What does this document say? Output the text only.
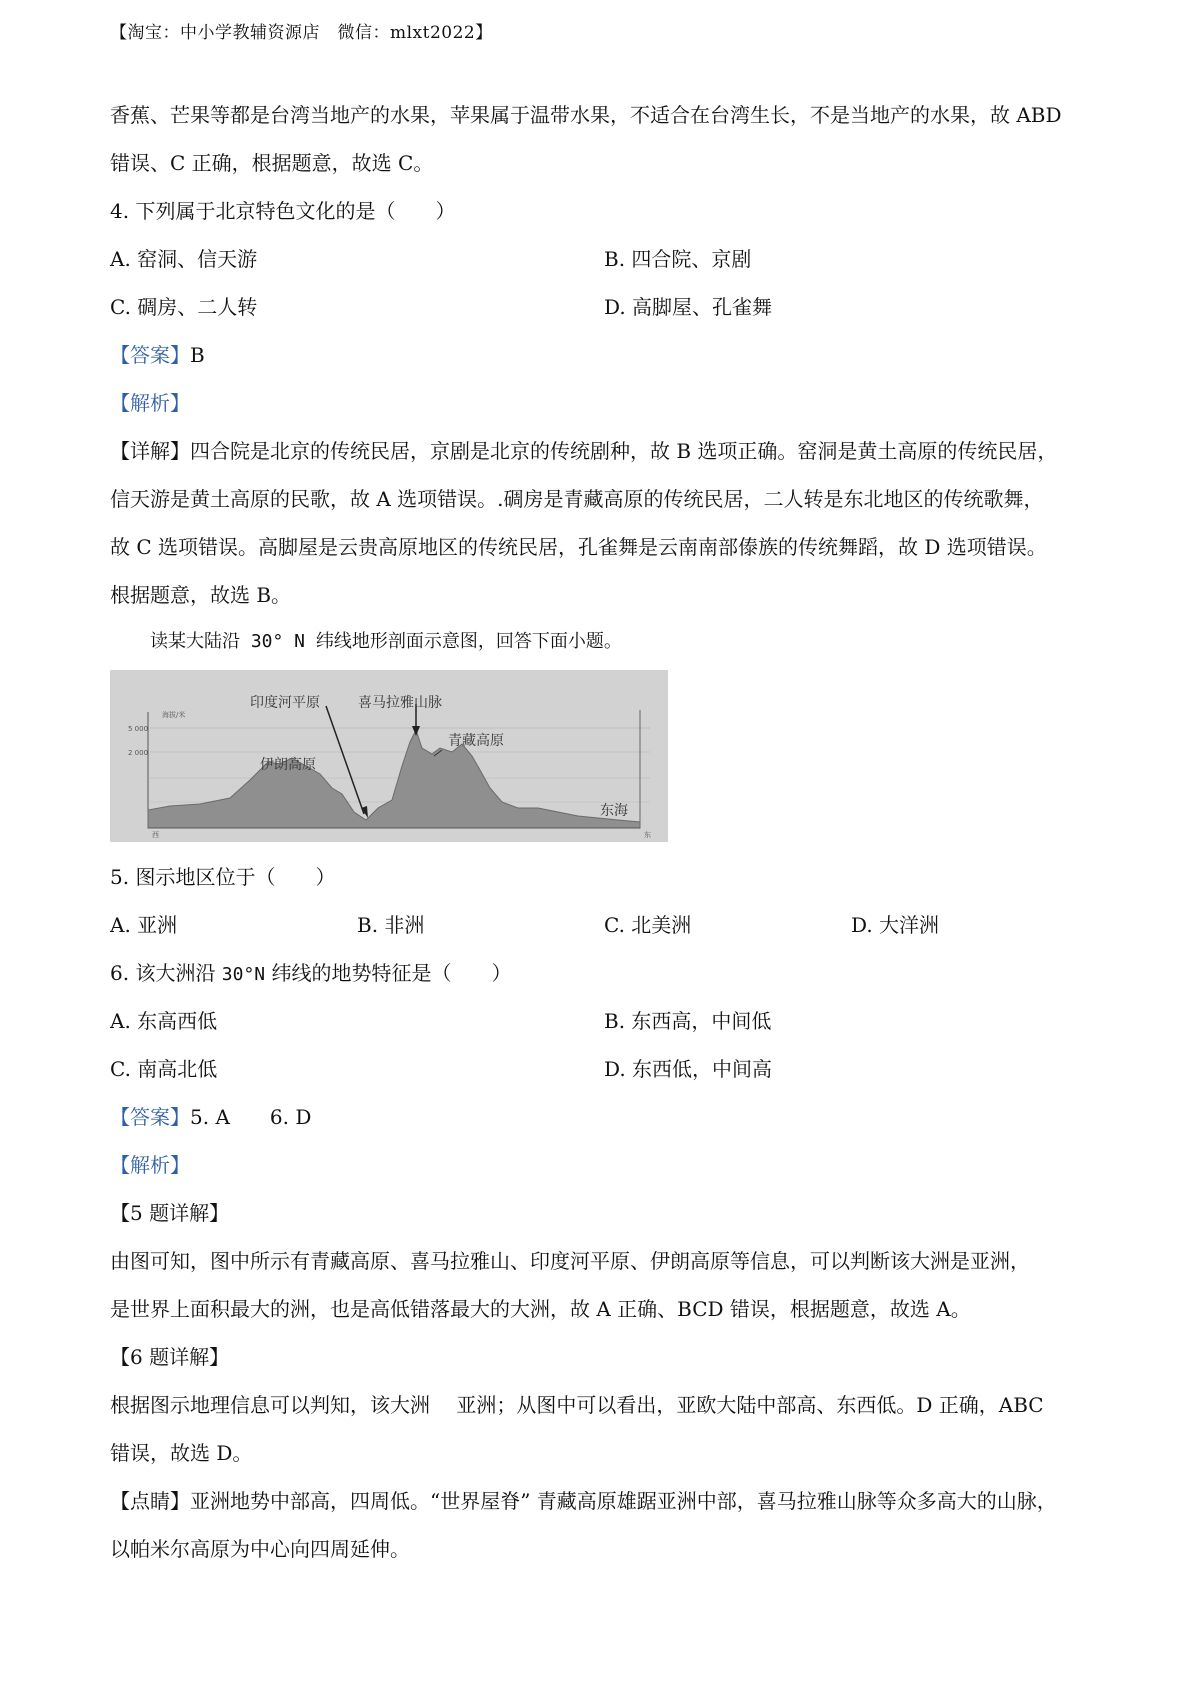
【淘宝：中小学教辅资源店　微信：mlxt2022】
香蕉、芒果等都是台湾当地产的水果，苹果属于温带水果，不适合在台湾生长，不是当地产的水果，故 ABD
错误、C 正确，根据题意，故选 C。
4. 下列属于北京特色文化的是（　　）
A. 窑洞、信天游	B. 四合院、京剧
C. 碉房、二人转	D. 高脚屋、孔雀舞
【答案】B
【解析】
【详解】四合院是北京的传统民居，京剧是北京的传统剧种，故 B 选项正确。窑洞是黄土高原的传统民居，
信天游是黄土高原的民歌，故 A 选项错误。.碉房是青藏高原的传统民居，二人转是东北地区的传统歌舞，
故 C 选项错误。高脚屋是云贵高原地区的传统民居，孔雀舞是云南南部傣族的传统舞蹈，故 D 选项错误。
根据题意，故选 B。
读某大陆沿 30° N 纬线地形剖面示意图，回答下面小题。
海拔/米
5 000
2 000
印度河平原	喜马拉雅山脉
青藏高原
伊朗高原
东海
西	东
5. 图示地区位于（　　）
A. 亚洲	B. 非洲	C. 北美洲	D. 大洋洲
6. 该大洲沿 30°N 纬线的地势特征是（　　）
A. 东高西低	B. 东西高，中间低
C. 南高北低	D. 东西低，中间高
【答案】5. A 6. D
【解析】
【5 题详解】
由图可知，图中所示有青藏高原、喜马拉雅山、印度河平原、伊朗高原等信息，可以判断该大洲是亚洲，
是世界上面积最大的洲，也是高低错落最大的大洲，故 A 正确、BCD 错误，根据题意，故选 A。
【6 题详解】
根据图示地理信息可以判知，该大洲　 亚洲；从图中可以看出，亚欧大陆中部高、东西低。D 正确，ABC
错误，故选 D。
【点睛】亚洲地势中部高，四周低。“世界屋脊” 青藏高原雄踞亚洲中部，喜马拉雅山脉等众多高大的山脉，
以帕米尔高原为中心向四周延伸。
